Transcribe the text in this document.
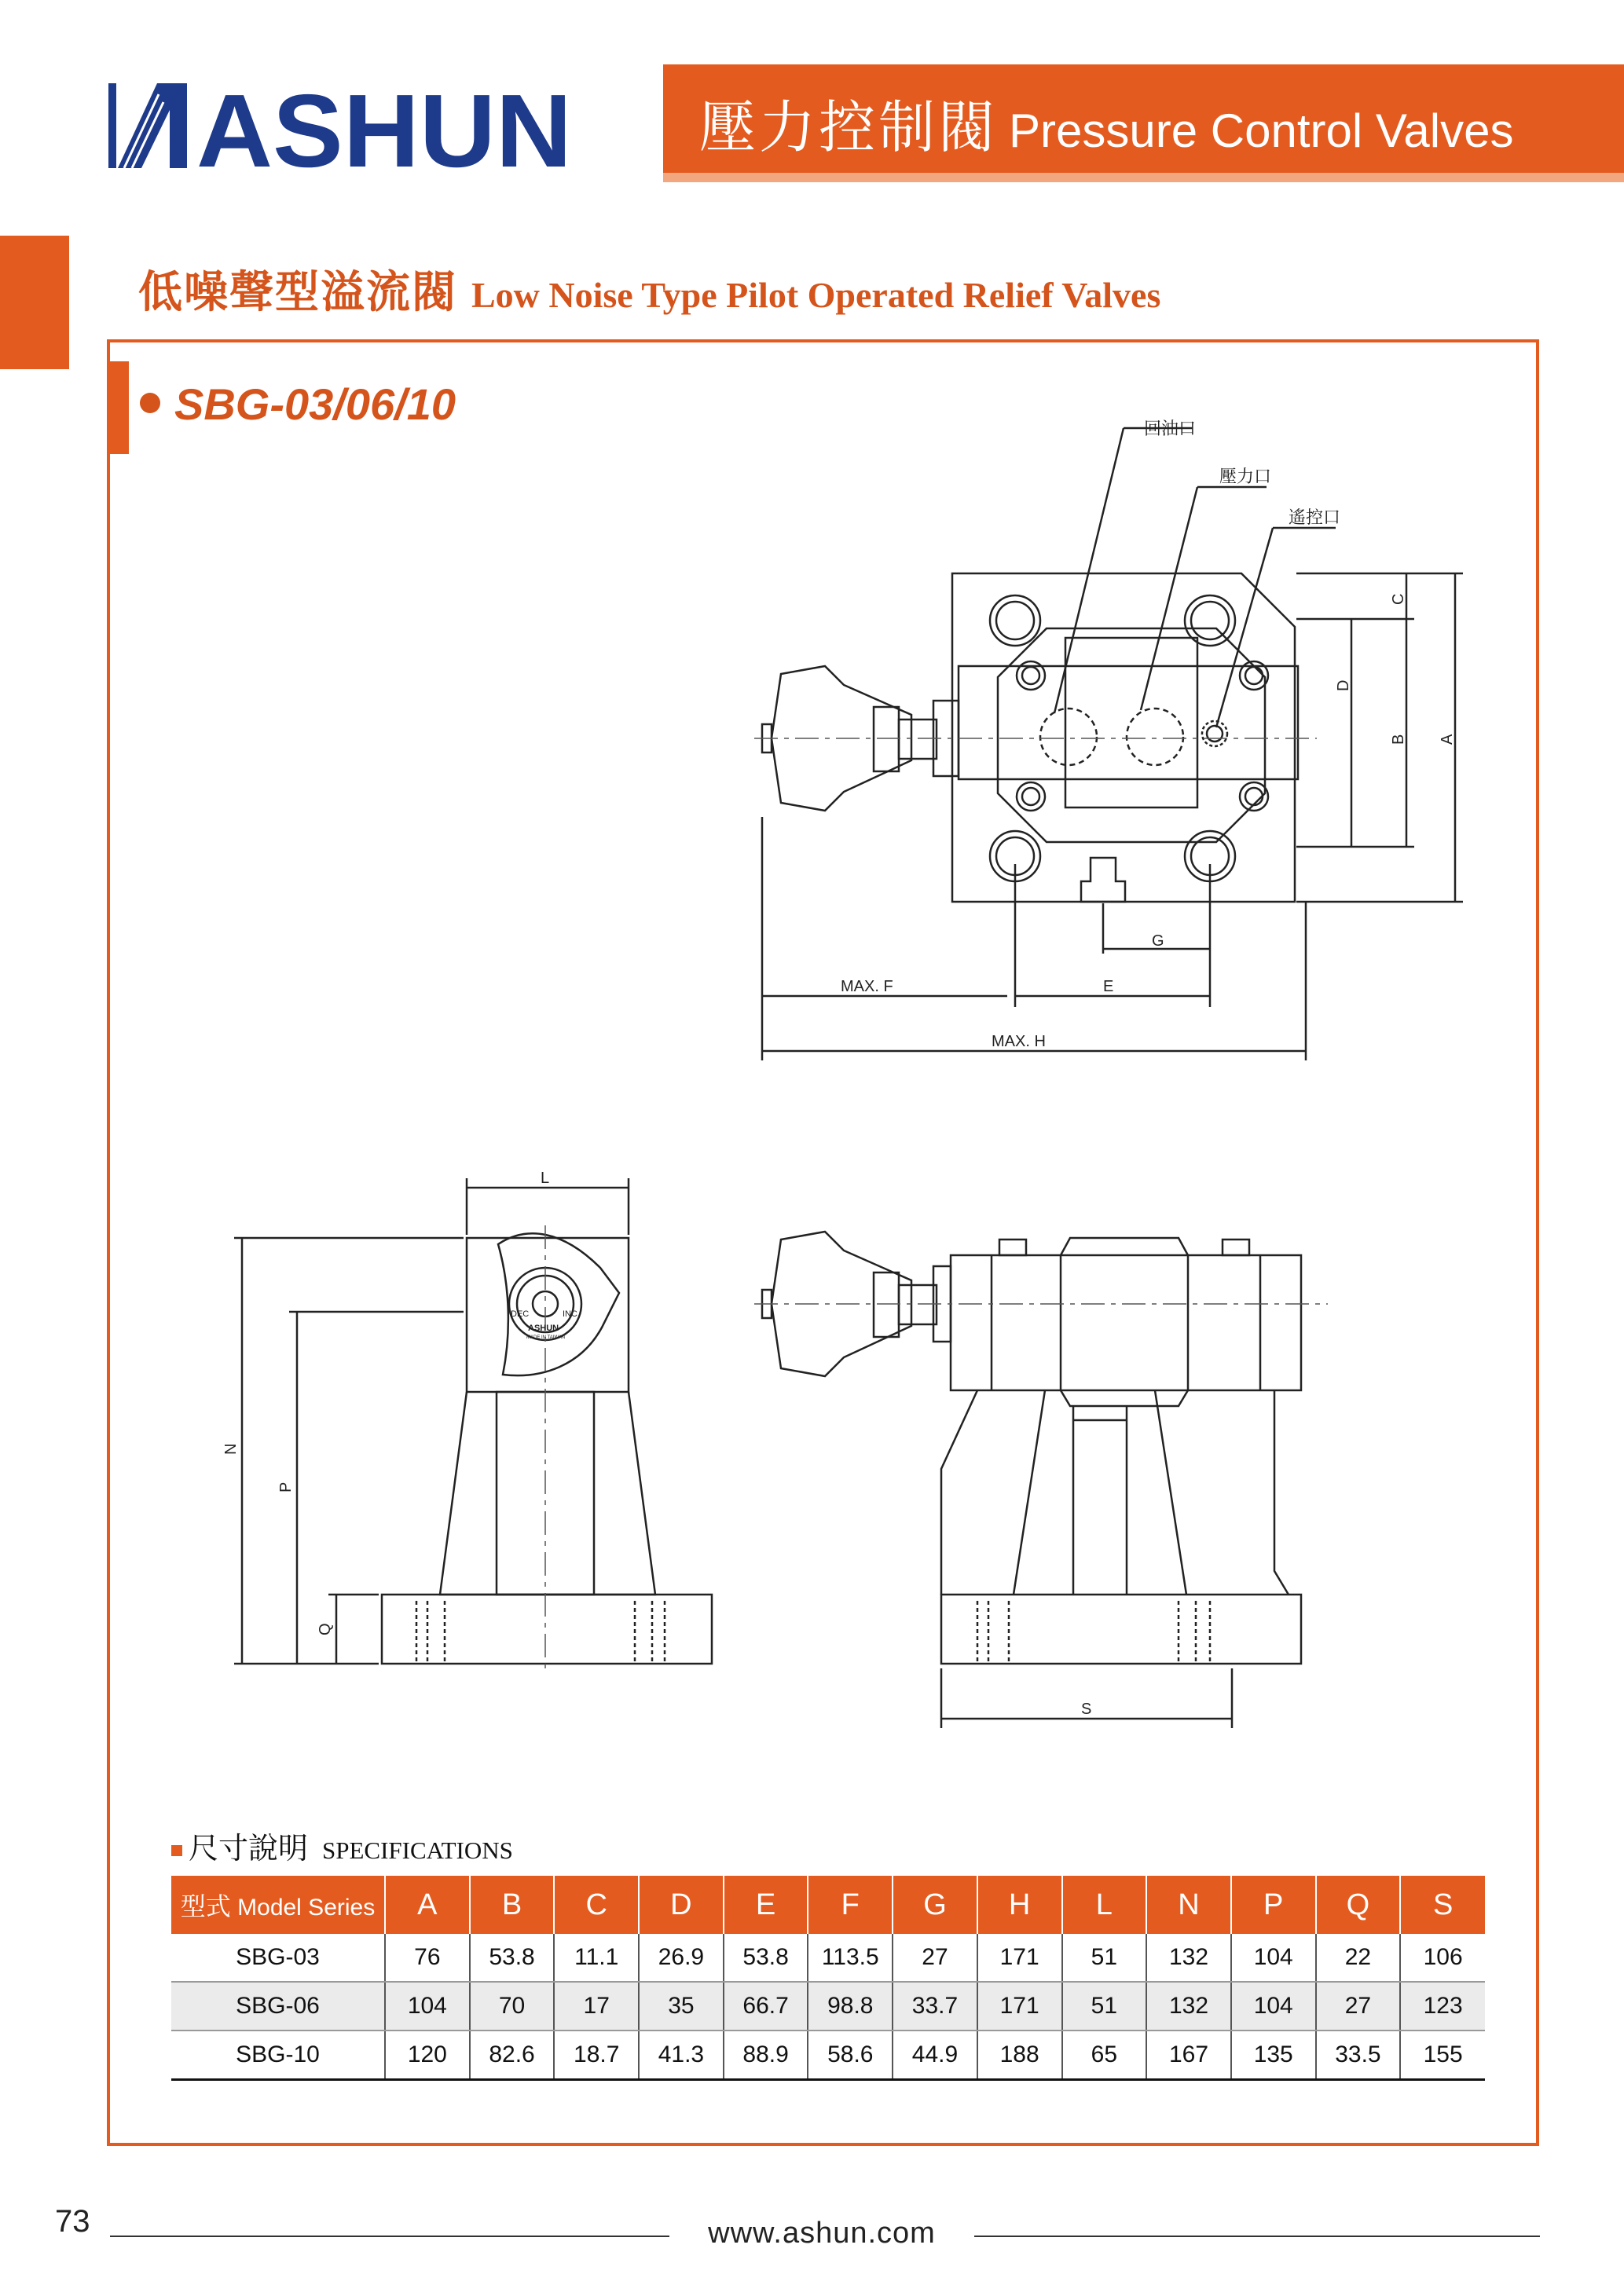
ASHUN 壓力控制閥 Pressure Control Valves
低噪聲型溢流閥 Low Noise Type Pilot Operated Relief Valves
SBG-03/06/10
回油口
壓力口
遙控口
C
D
B A
G
MAX. F	E
MAX. H
L
N
P
Q
DEC	INC.
ASHUN
MADE IN TAIWAN
S
尺寸說明 SPECIFICATIONS
型式 Model Series	A	B	C	D	E	F	G	H	L	N	P	Q	S
SBG-03	76	53.8	11.1	26.9	53.8	113.5	27	171	51	132	104	22	106
SBG-06	104	70	17	35	66.7	98.8	33.7	171	51	132	104	27	123
SBG-10	120	82.6	18.7	41.3	88.9	58.6	44.9	188	65	167	135	33.5	155
73	www.ashun.com
